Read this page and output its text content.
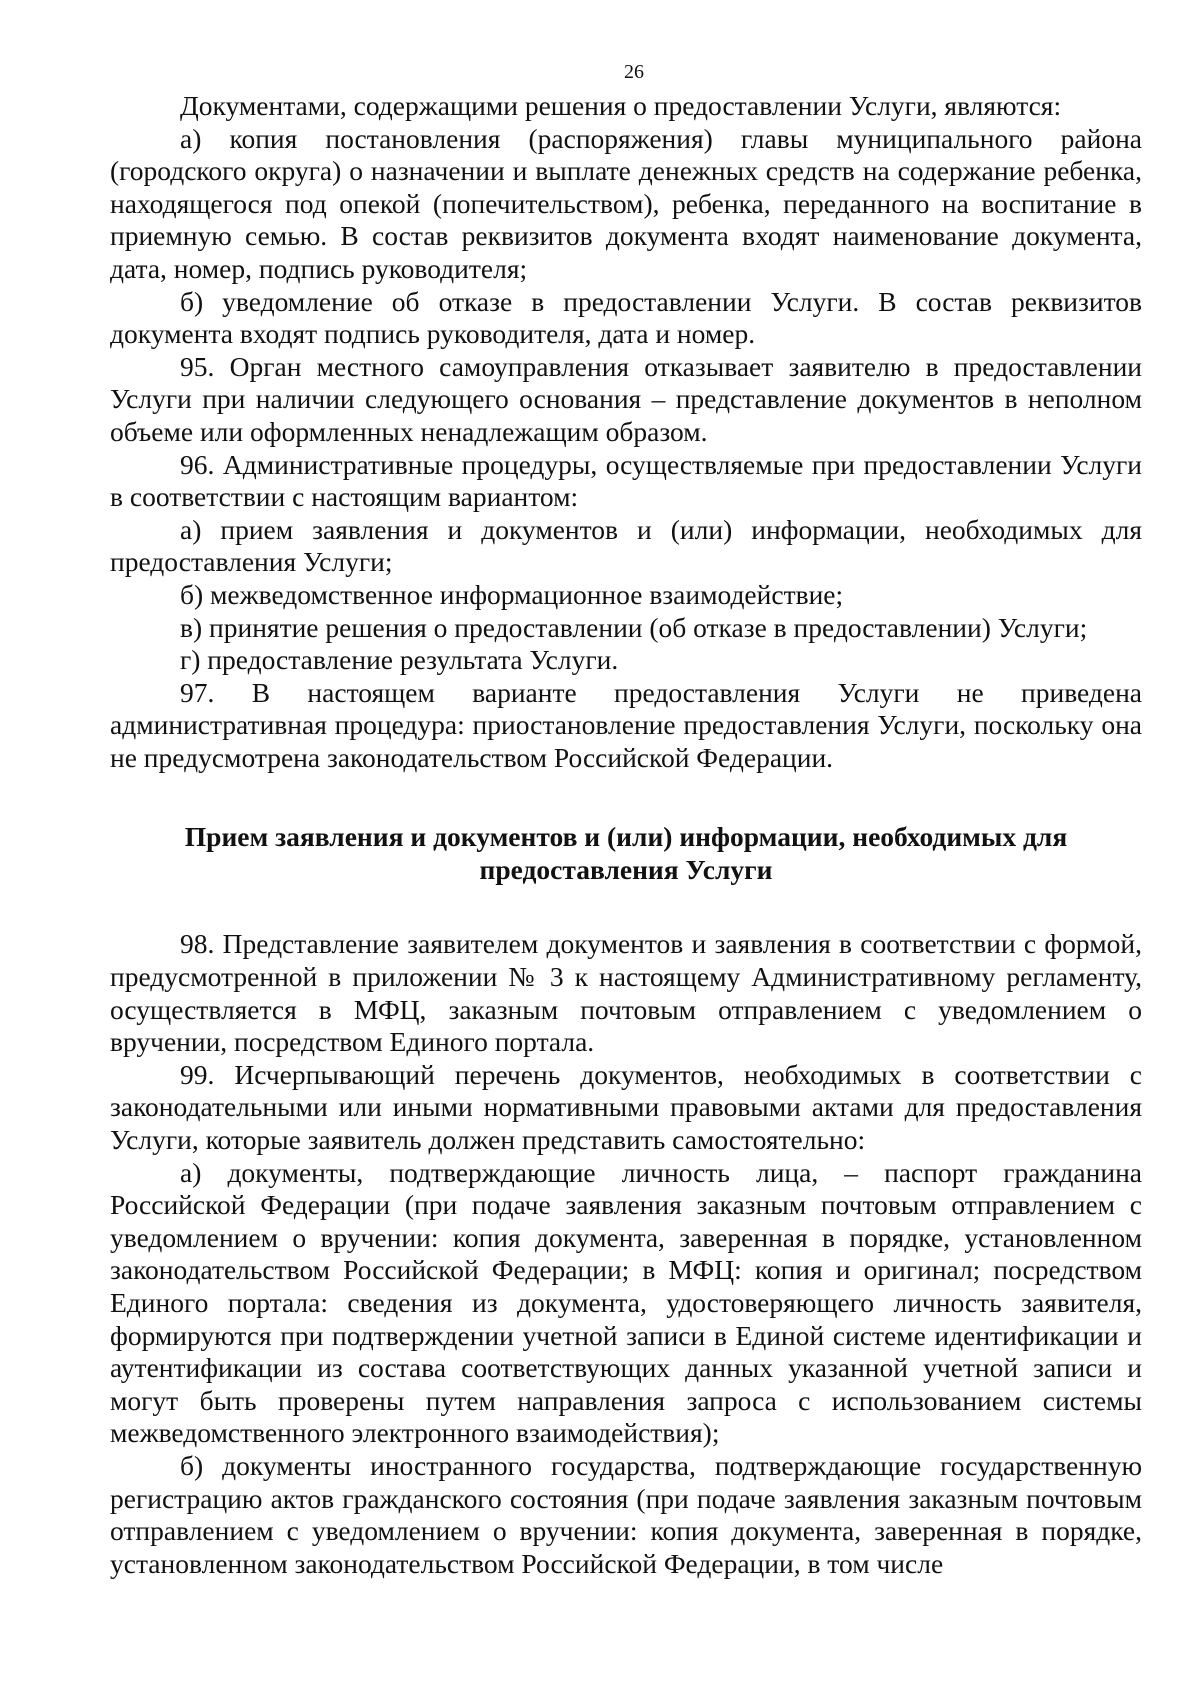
26

Документами, содержащими решения о предоставлении Услуги, являются:

а) копия постановления (распоряжения) главы муниципального района (городского округа) о назначении и выплате денежных средств на содержание ребенка, находящегося под опекой (попечительством), ребенка, переданного на воспитание в приемную семью. В состав реквизитов документа входят наименование документа, дата, номер, подпись руководителя;

б) уведомление об отказе в предоставлении Услуги. В состав реквизитов документа входят подпись руководителя, дата и номер.

95. Орган местного самоуправления отказывает заявителю в предоставлении Услуги при наличии следующего основания – представление документов в неполном объеме или оформленных ненадлежащим образом.

96. Административные процедуры, осуществляемые при предоставлении Услуги в соответствии с настоящим вариантом:

а) прием заявления и документов и (или) информации, необходимых для предоставления Услуги;

б) межведомственное информационное взаимодействие;

в) принятие решения о предоставлении (об отказе в предоставлении) Услуги;

г) предоставление результата Услуги.

97. В настоящем варианте предоставления Услуги не приведена административная процедура: приостановление предоставления Услуги, поскольку она не предусмотрена законодательством Российской Федерации.

Прием заявления и документов и (или) информации, необходимых для
предоставления Услуги

98. Представление заявителем документов и заявления в соответствии с формой, предусмотренной в приложении № 3 к настоящему Административному регламенту, осуществляется в МФЦ, заказным почтовым отправлением с уведомлением о вручении, посредством Единого портала.

99. Исчерпывающий перечень документов, необходимых в соответствии с законодательными или иными нормативными правовыми актами для предоставления Услуги, которые заявитель должен представить самостоятельно:

а) документы, подтверждающие личность лица, – паспорт гражданина Российской Федерации (при подаче заявления заказным почтовым отправлением с уведомлением о вручении: копия документа, заверенная в порядке, установленном законодательством Российской Федерации; в МФЦ: копия и оригинал; посредством Единого портала: сведения из документа, удостоверяющего личность заявителя, формируются при подтверждении учетной записи в Единой системе идентификации и аутентификации из состава соответствующих данных указанной учетной записи и могут быть проверены путем направления запроса с использованием системы межведомственного электронного взаимодействия);

б) документы иностранного государства, подтверждающие государственную регистрацию актов гражданского состояния (при подаче заявления заказным почтовым отправлением с уведомлением о вручении: копия документа, заверенная в порядке, установленном законодательством Российской Федерации, в том числе
